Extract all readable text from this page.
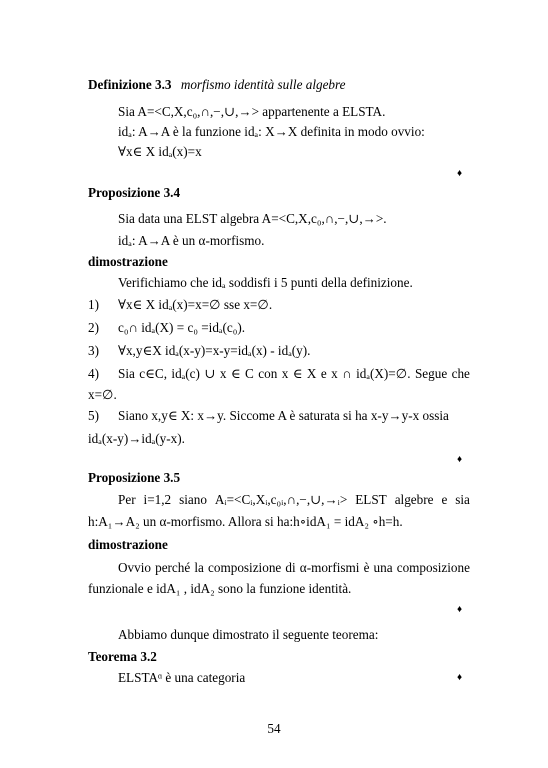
Definizione 3.3 morfismo identità sulle algebre
Sia A=<C,X,c₀,∩,−,∪,→> appartenente a ELSTA.
idₐ: A→A è la funzione idₐ: X→X definita in modo ovvio:
∀x∈ X idₐ(x)=x
♦
Proposizione 3.4
Sia data una ELST algebra A=<C,X,c₀,∩,−,∪,→>.
idₐ: A→A è un α-morfismo.
dimostrazione
Verifichiamo che idₐ soddisfi i 5 punti della definizione.
1) ∀x∈ X idₐ(x)=x=∅ sse x=∅.
2) c₀∩ idₐ(X) = c₀ =idₐ(c₀).
3) ∀x,y∈X idₐ(x-y)=x-y=idₐ(x) - idₐ(y).
4) Sia c∈C, idₐ(c) ∪ x ∈ C con x ∈ X e x ∩ idₐ(X)=∅. Segue che
x=∅.
5) Siano x,y∈ X: x→y. Siccome A è saturata si ha x-y→y-x ossia
idₐ(x-y)→idₐ(y-x).
♦
Proposizione 3.5
Per i=1,2 siano Aᵢ=<Cᵢ,Xᵢ,c₀ᵢ,∩,−,∪,→ᵢ> ELST algebre e sia
h:A₁→A₂ un α-morfismo. Allora si ha:h∘idA₁ = idA₂ ∘h=h.
dimostrazione
Ovvio perché la composizione di α-morfismi è una composizione
funzionale e idA₁ , idA₂ sono la funzione identità.
♦
Abbiamo dunque dimostrato il seguente teorema:
Teorema 3.2
ELSTAᵅ è una categoria	♦
54
